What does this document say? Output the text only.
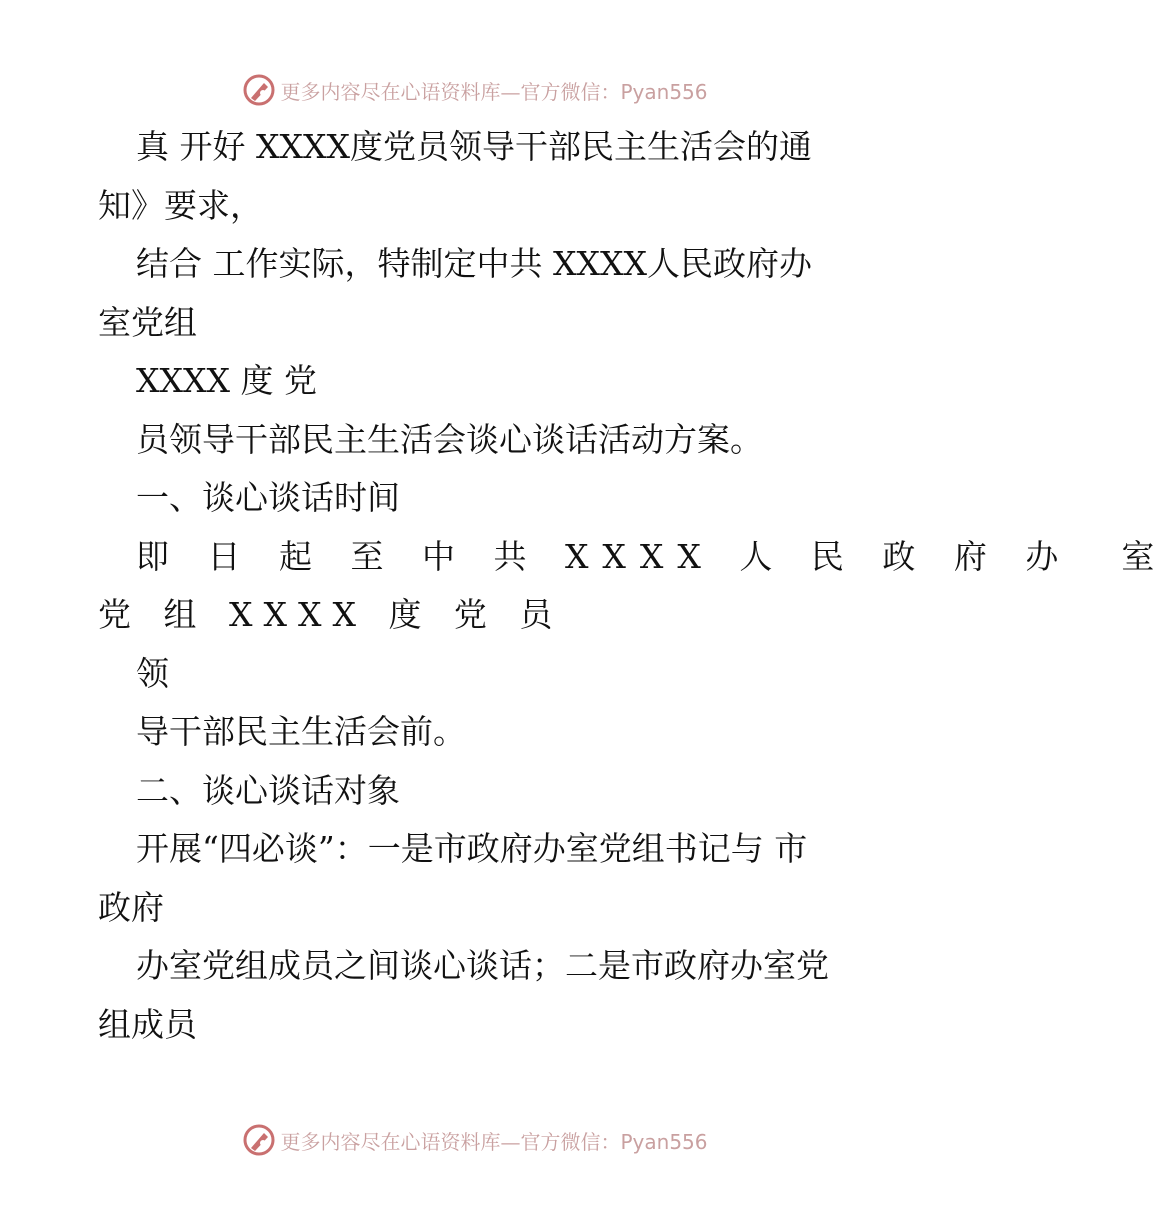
更多内容尽在心语资料库—官方微信：Pyan556
真 开好 XXXX度党员领导干部民主生活会的通
知》要求，
结合 工作实际，特制定中共 XXXX人民政府办
室党组
XXXX 度 党
员领导干部民主生活会谈心谈话活动方案。
一、谈心谈话时间
即 日 起 至 中 共 XXXX 人 民 政 府 办  室
党 组 XXXX 度 党 员
领
导干部民主生活会前。
二、谈心谈话对象
开展“四必谈”：一是市政府办室党组书记与 市
政府
办室党组成员之间谈心谈话；二是市政府办室党
组成员
更多内容尽在心语资料库—官方微信：Pyan556
